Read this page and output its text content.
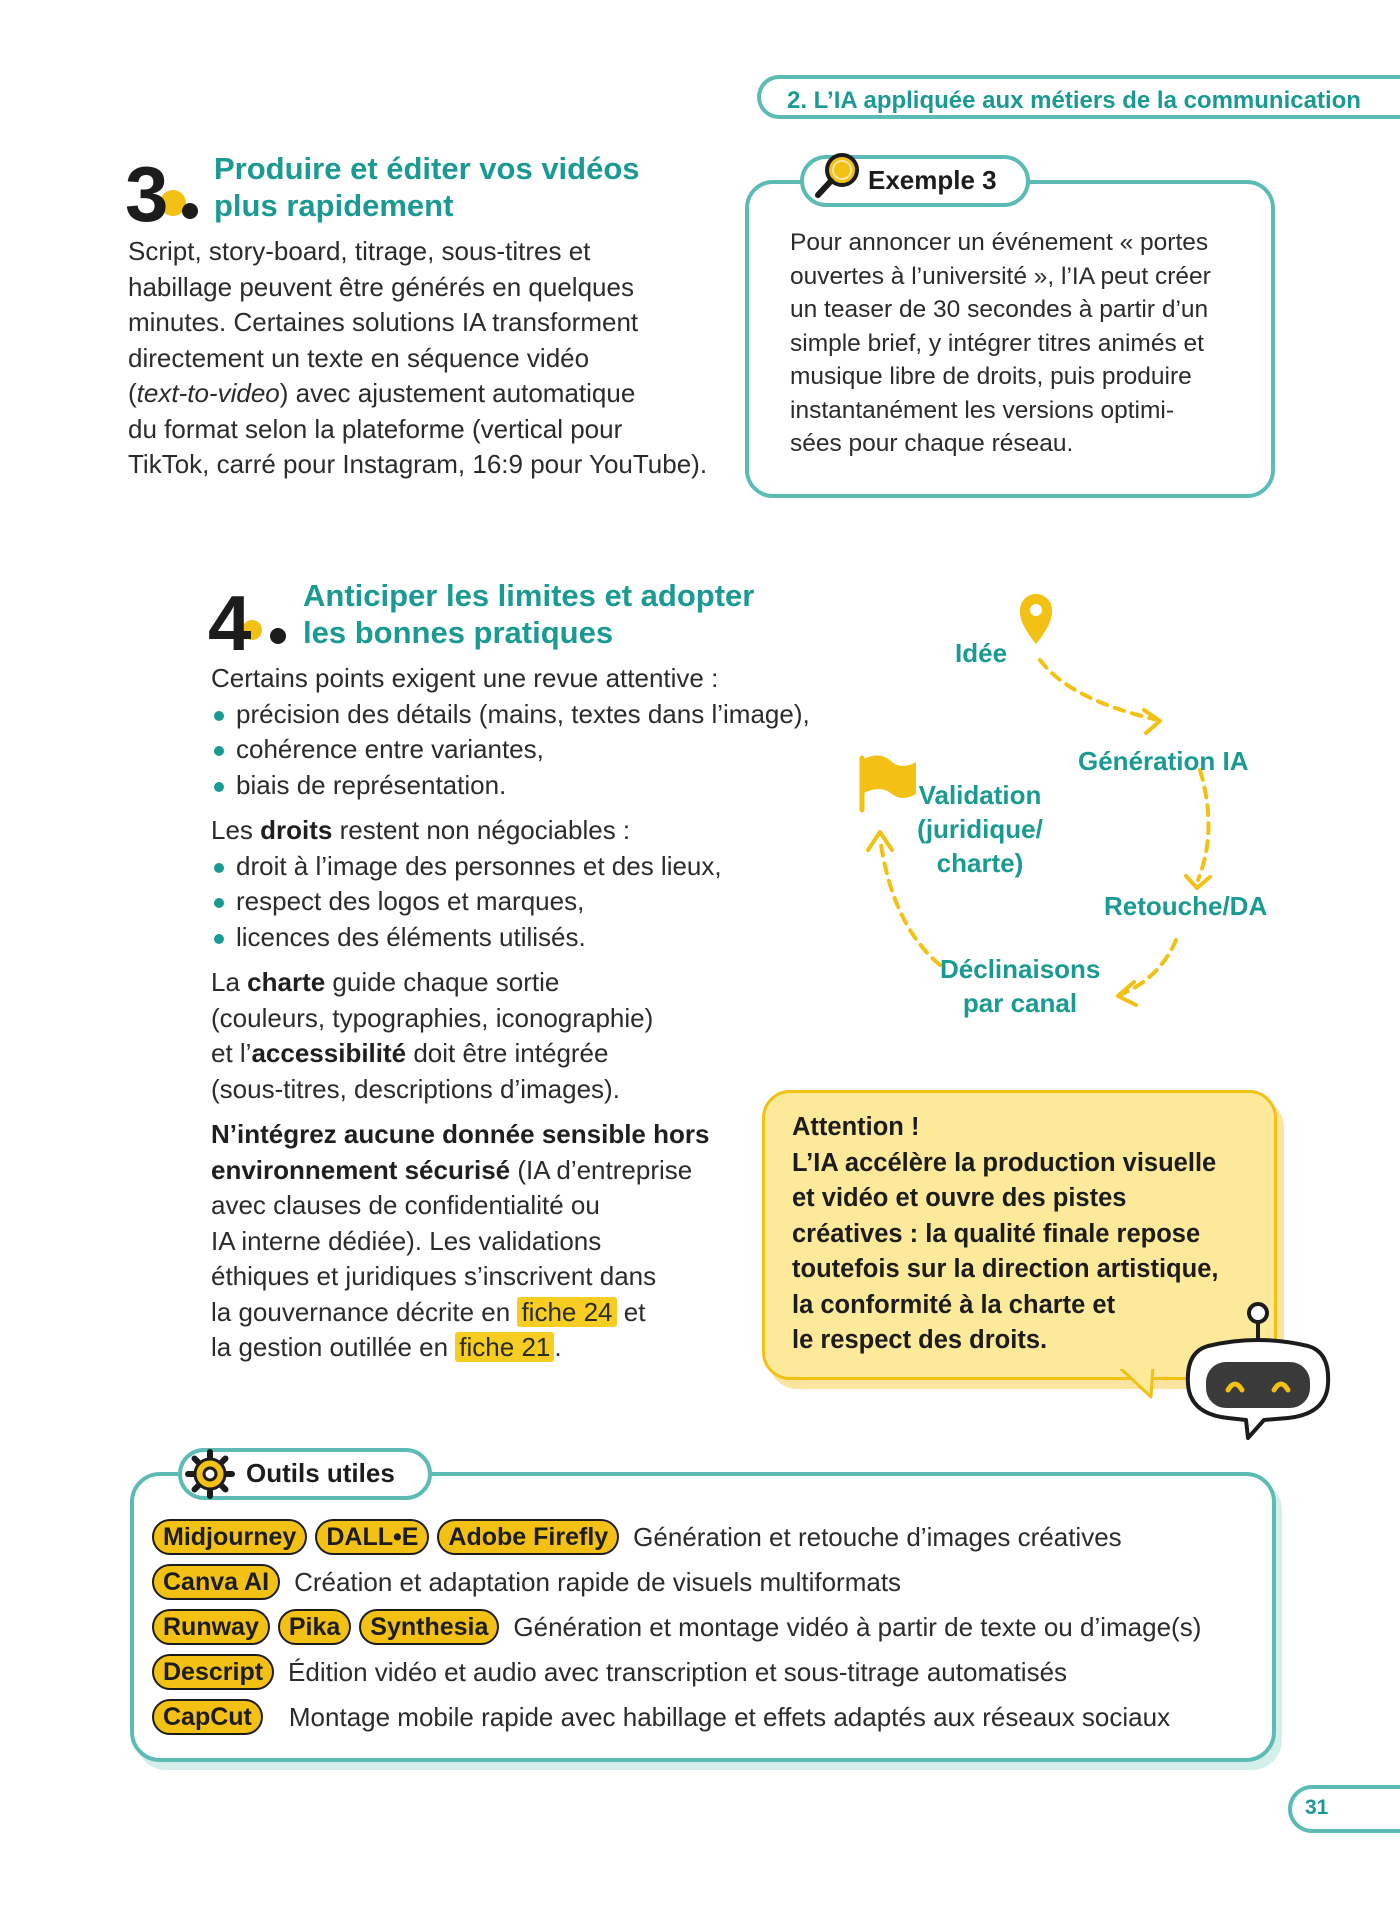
2. L’IA appliquée aux métiers de la communication
3 Produire et éditer vos vidéos
plus rapidement
Script, story-board, titrage, sous-titres et
habillage peuvent être générés en quelques
minutes. Certaines solutions IA transforment
directement un texte en séquence vidéo
(text-to-video) avec ajustement automatique
du format selon la plateforme (vertical pour
TikTok, carré pour Instagram, 16:9 pour YouTube).
Exemple 3
Pour annoncer un événement « portes
ouvertes à l’université », l’IA peut créer
un teaser de 30 secondes à partir d’un
simple brief, y intégrer titres animés et
musique libre de droits, puis produire
instantanément les versions optimi-
sées pour chaque réseau.
4 Anticiper les limites et adopter
les bonnes pratiques
Certains points exigent une revue attentive :
précision des détails (mains, textes dans l’image),
cohérence entre variantes,
biais de représentation.
Les droits restent non négociables :
droit à l’image des personnes et des lieux,
respect des logos et marques,
licences des éléments utilisés.
La charte guide chaque sortie
(couleurs, typographies, iconographie)
et l’accessibilité doit être intégrée
(sous-titres, descriptions d’images).
N’intégrez aucune donnée sensible hors
environnement sécurisé (IA d’entreprise
avec clauses de confidentialité ou
IA interne dédiée). Les validations
éthiques et juridiques s’inscrivent dans
la gouvernance décrite en fiche 24 et
la gestion outillée en fiche 21 .
Idée
Génération IA
Retouche/DA
Déclinaisons
par canal
Validation
(juridique/
charte)
Attention !
L’IA accélère la production visuelle
et vidéo et ouvre des pistes
créatives : la qualité finale repose
toutefois sur la direction artistique,
la conformité à la charte et
le respect des droits.
Outils utiles
Midjourney	DALL•E	Adobe Firefly Génération et retouche d’images créatives
Canva AI Création et adaptation rapide de visuels multiformats
Runway	Pika	Synthesia Génération et montage vidéo à partir de texte ou d’image(s)
Descript Édition vidéo et audio avec transcription et sous-titrage automatisés
CapCut	Montage mobile rapide avec habillage et effets adaptés aux réseaux sociaux
31
